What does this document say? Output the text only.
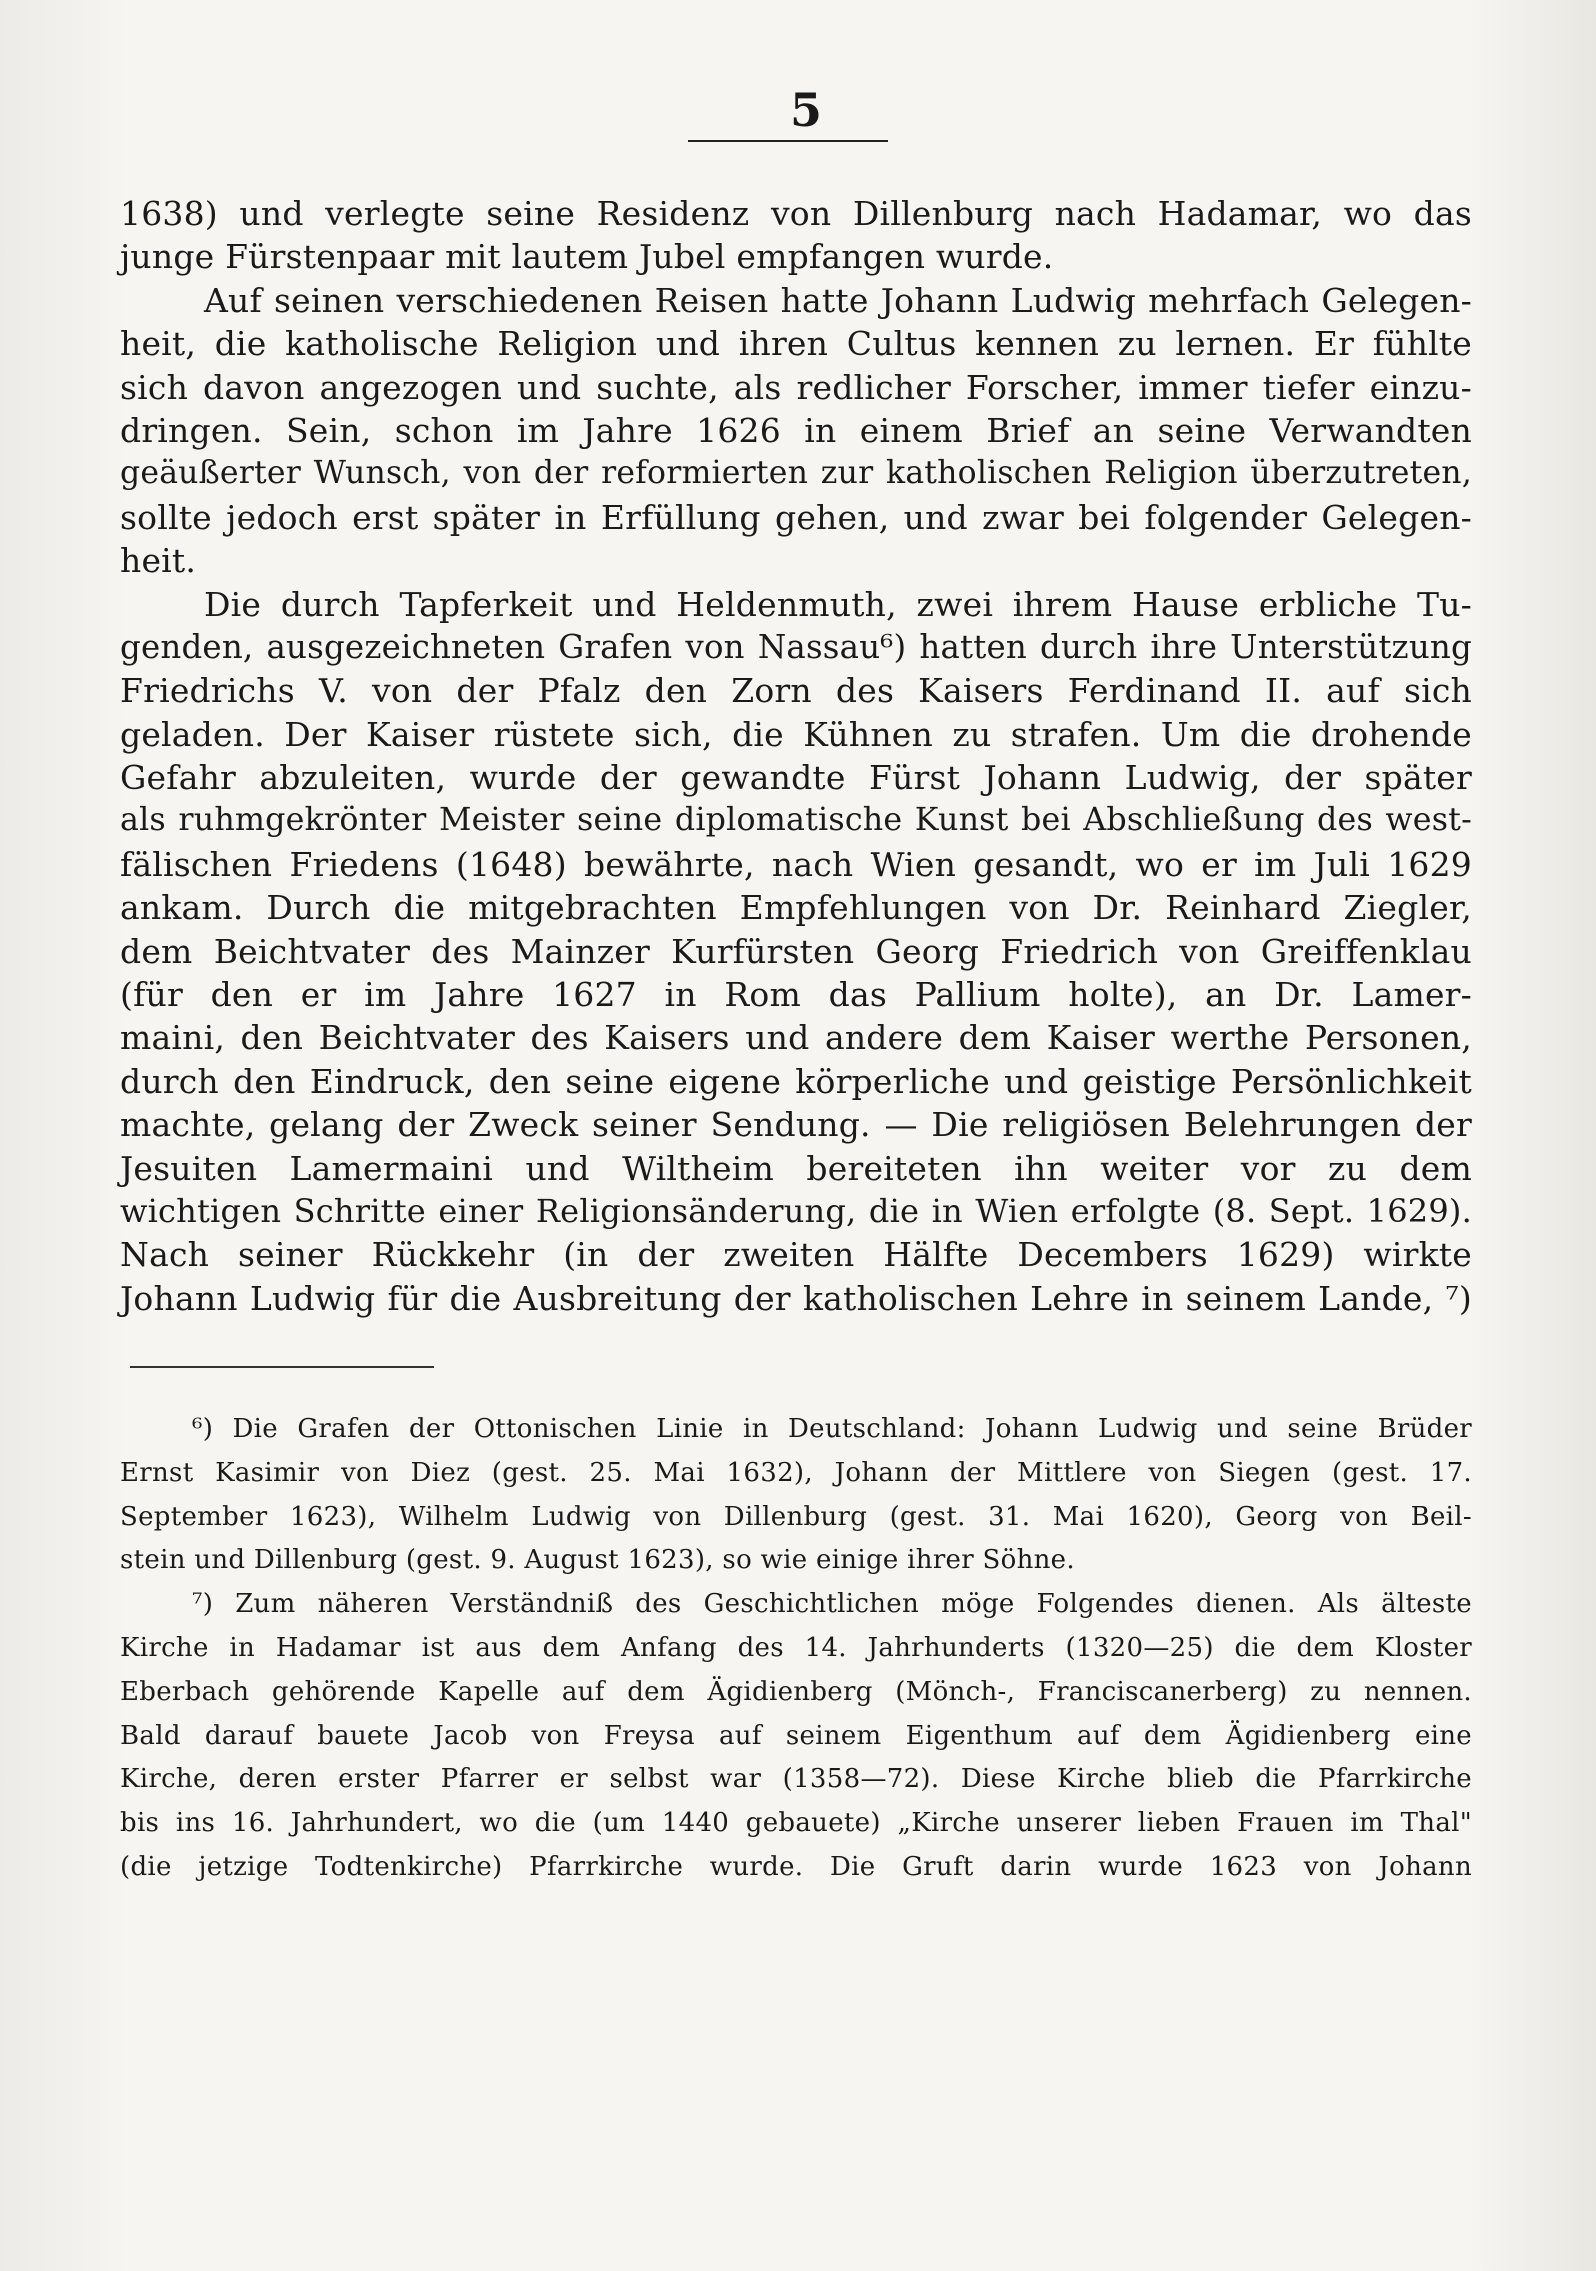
5
1638) und verlegte seine Residenz von Dillenburg nach Hadamar, wo das
junge Fürstenpaar mit lautem Jubel empfangen wurde.
Auf seinen verschiedenen Reisen hatte Johann Ludwig mehrfach Gelegen-
heit, die katholische Religion und ihren Cultus kennen zu lernen. Er fühlte
sich davon angezogen und suchte, als redlicher Forscher, immer tiefer einzu-
dringen. Sein, schon im Jahre 1626 in einem Brief an seine Verwandten
geäußerter Wunsch, von der reformierten zur katholischen Religion überzutreten,
sollte jedoch erst später in Erfüllung gehen, und zwar bei folgender Gelegen-
heit.
Die durch Tapferkeit und Heldenmuth, zwei ihrem Hause erbliche Tu-
genden, ausgezeichneten Grafen von Nassau⁶) hatten durch ihre Unterstützung
Friedrichs V. von der Pfalz den Zorn des Kaisers Ferdinand II. auf sich
geladen. Der Kaiser rüstete sich, die Kühnen zu strafen. Um die drohende
Gefahr abzuleiten, wurde der gewandte Fürst Johann Ludwig, der später
als ruhmgekrönter Meister seine diplomatische Kunst bei Abschließung des west-
fälischen Friedens (1648) bewährte, nach Wien gesandt, wo er im Juli 1629
ankam. Durch die mitgebrachten Empfehlungen von Dr. Reinhard Ziegler,
dem Beichtvater des Mainzer Kurfürsten Georg Friedrich von Greiffenklau
(für den er im Jahre 1627 in Rom das Pallium holte), an Dr. Lamer-
maini, den Beichtvater des Kaisers und andere dem Kaiser werthe Personen,
durch den Eindruck, den seine eigene körperliche und geistige Persönlichkeit
machte, gelang der Zweck seiner Sendung. — Die religiösen Belehrungen der
Jesuiten Lamermaini und Wiltheim bereiteten ihn weiter vor zu dem
wichtigen Schritte einer Religionsänderung, die in Wien erfolgte (8. Sept. 1629).
Nach seiner Rückkehr (in der zweiten Hälfte Decembers 1629) wirkte
Johann Ludwig für die Ausbreitung der katholischen Lehre in seinem Lande, ⁷)
⁶) Die Grafen der Ottonischen Linie in Deutschland: Johann Ludwig und seine Brüder
Ernst Kasimir von Diez (gest. 25. Mai 1632), Johann der Mittlere von Siegen (gest. 17.
September 1623), Wilhelm Ludwig von Dillenburg (gest. 31. Mai 1620), Georg von Beil-
stein und Dillenburg (gest. 9. August 1623), so wie einige ihrer Söhne.
⁷) Zum näheren Verständniß des Geschichtlichen möge Folgendes dienen. Als älteste
Kirche in Hadamar ist aus dem Anfang des 14. Jahrhunderts (1320—25) die dem Kloster
Eberbach gehörende Kapelle auf dem Ägidienberg (Mönch-, Franciscanerberg) zu nennen.
Bald darauf bauete Jacob von Freysa auf seinem Eigenthum auf dem Ägidienberg eine
Kirche, deren erster Pfarrer er selbst war (1358—72). Diese Kirche blieb die Pfarrkirche
bis ins 16. Jahrhundert, wo die (um 1440 gebauete) „Kirche unserer lieben Frauen im Thal"
(die jetzige Todtenkirche) Pfarrkirche wurde. Die Gruft darin wurde 1623 von Johann
